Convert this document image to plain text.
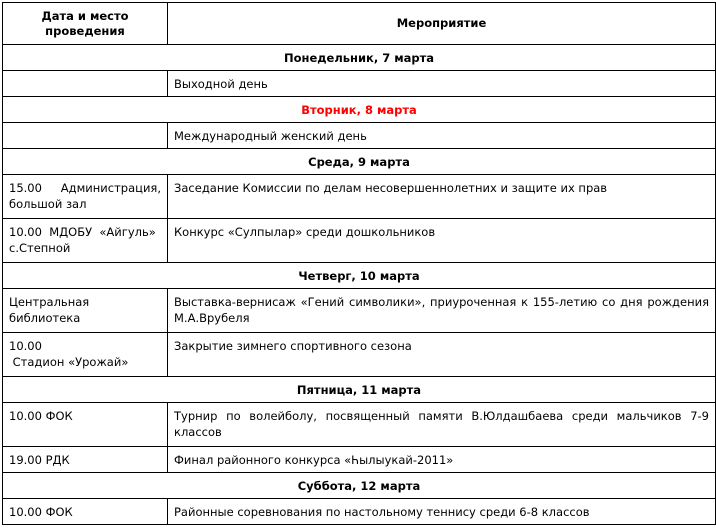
Дата и место проведения	Мероприятие

Понедельник, 7 марта	

	Выходной день

Вторник, 8 марта	

	Международный женский день

Среда, 9 марта	

15.00    Администрация, большой зал	Заседание Комиссии по делам несовершеннолетних и защите их прав

10.00  МДОБУ  «Айгуль» с.Степной	Конкурс «Сулпылар» среди дошкольников

Четверг, 10 марта	

Центральная библиотека	Выставка-вернисаж «Гений символики», приуроченная к 155-летию со дня рождения М.А.Врубеля

10.00
Стадион «Урожай»	Закрытие зимнего спортивного сезона

Пятница, 11 марта	

10.00 ФОК	Турнир по волейболу, посвященный памяти В.Юлдашбаева среди мальчиков 7-9 классов

19.00 РДК	Финал районного конкурса «Һылыукай-2011»

Суббота, 12 марта	

10.00 ФОК	Районные соревнования по настольному теннису среди 6-8 классов
